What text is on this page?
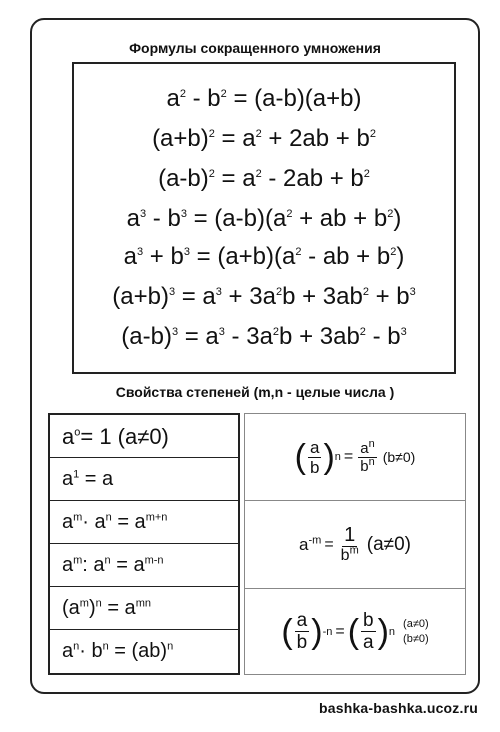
Формулы сокращенного умножения
$a^2 - b^2 = (a-b)(a+b)$
$(a+b)^2 = a^2 + 2ab + b^2$
$(a-b)^2 = a^2 - 2ab + b^2$
$a^3 - b^3 = (a-b)(a^2$ + ab + $b^2$)
$a^3 + b^3 = (a+b)(a^2$ - ab + $b^2$)
$(a+b)^3 = a^3 + 3a^2b + 3ab^2 + b^3$
$(a-b)^3 = a^3 - 3a^2b + 3ab^2 - b^3$
Свойства степеней (m,n - целые числа )
$a^o= 1$ (a≠0)
$a^1 = a$
$a^m\cdot a^n = a^{m+n}$
$a^m$: $a^n = a^{m-n}$
$(a^m)^n = a^{mn}$
$a^n\cdot b^n = (ab)^n$
( $\frac{a}{b}$ ) $n = \frac{a^n}{b^n} (b\ne 0)$
$a^{-m} = \frac{1}{b^m} (a\ne 0)$
( $\frac{a}{b}$ ) -n = ( $\frac{b}{a}$ ) n
(a≠0)
(b≠0)
bashka-bashka.ucoz.ru
